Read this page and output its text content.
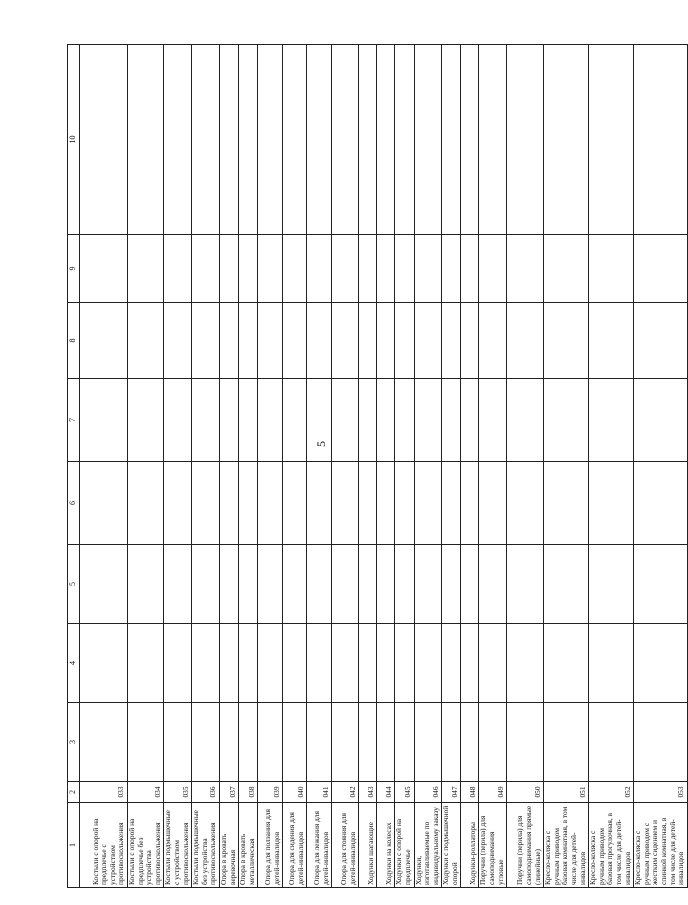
5
1	2	3	4	5	6	7	8	9	10
Костыли с опорой на предплечье с устройством противоскольжения	033								
Костыли с опорой на предплечье без устройства противоскольжения	034								
Костыли подмышечные с устройством противоскольжения	035								
Костыли подмышечные без устройства противоскольжения	036								
Опора в кровать веревочная	037								
Опора в кровать металлическая	038								
Опора для ползания для детей-инвалидов	039								
Опора для сидения для детей-инвалидов	040								
Опора для лежания для детей-инвалидов	041								
Опора для стояния для детей-инвалидов	042								
Ходунки шагающие	043								
Ходунки на колесах	044								
Ходунки с опорой на предплечье	045								
Ходунки, изготавливаемые по индивидуальному заказу	046								
Ходунки с подмышечной опорой	047								
Ходунки-роллаторы	048								
Поручни (перила) для самоподнимания угловые	049								
Поручни (перила) для самоподнимания прямые (линейные)	050								
Кресло-коляска с ручным приводом базовая комнатная, в том числе для детей-инвалидов	051								
Кресло-коляска с ручным приводом базовая прогулочная, в том числе для детей-инвалидов	052								
Кресло-коляска с ручным приводом с жестким сидением и спинкой комнатная, в том числе для детей-инвалидов	053								
